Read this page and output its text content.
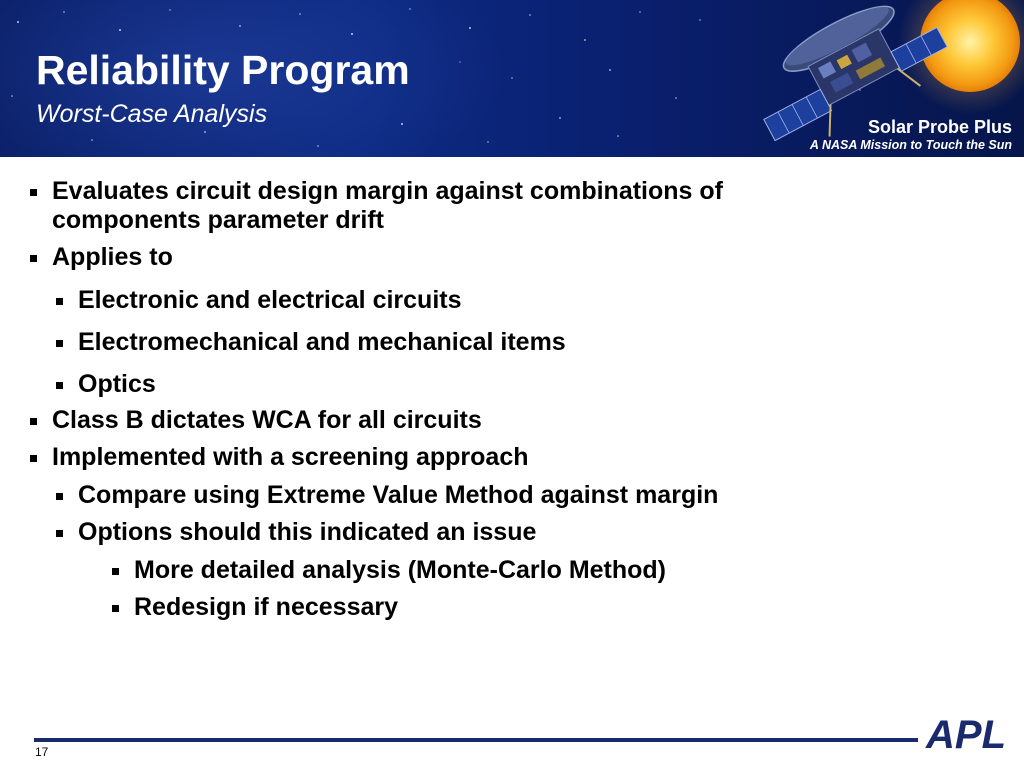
Reliability Program
Worst-Case Analysis	Solar Probe Plus
A NASA Mission to Touch the Sun
Evaluates circuit design margin against combinations of
components parameter drift
Applies to
Electronic and electrical circuits
Electromechanical and mechanical items
Optics
Class B dictates WCA for all circuits
Implemented with a screening approach
Compare using Extreme Value Method against margin
Options should this indicated an issue
More detailed analysis (Monte-Carlo Method)
Redesign if necessary
17	APL
